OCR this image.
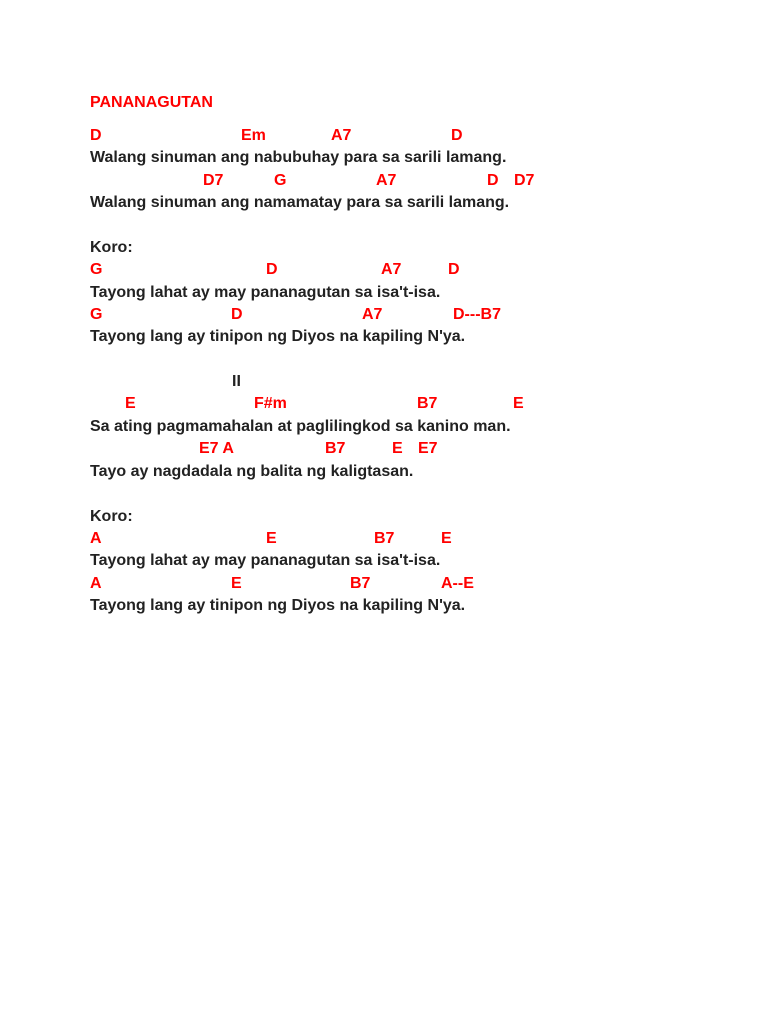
PANANAGUTAN

D

	Em

	A7

	D

Walang sinuman ang nabubuhay para sa sarili lamang.

D7

	G

	A7

	D

D7

Walang sinuman ang namamatay para sa sarili lamang.

Koro:

G

	D

	A7

	D

Tayong lahat ay may pananagutan sa isa't-isa.

G

	D

	A7

	D---B7

Tayong lang ay tinipon ng Diyos na kapiling N'ya.

II

E

	F#m

	B7

	E

Sa ating pagmamahalan at paglilingkod sa kanino man.

E7 A

	B7

	E

E7

Tayo ay nagdadala ng balita ng kaligtasan.

Koro:

A

	E

	B7

	E

Tayong lahat ay may pananagutan sa isa't-isa.

A

	E

	B7

	A--E

Tayong lang ay tinipon ng Diyos na kapiling N'ya.
